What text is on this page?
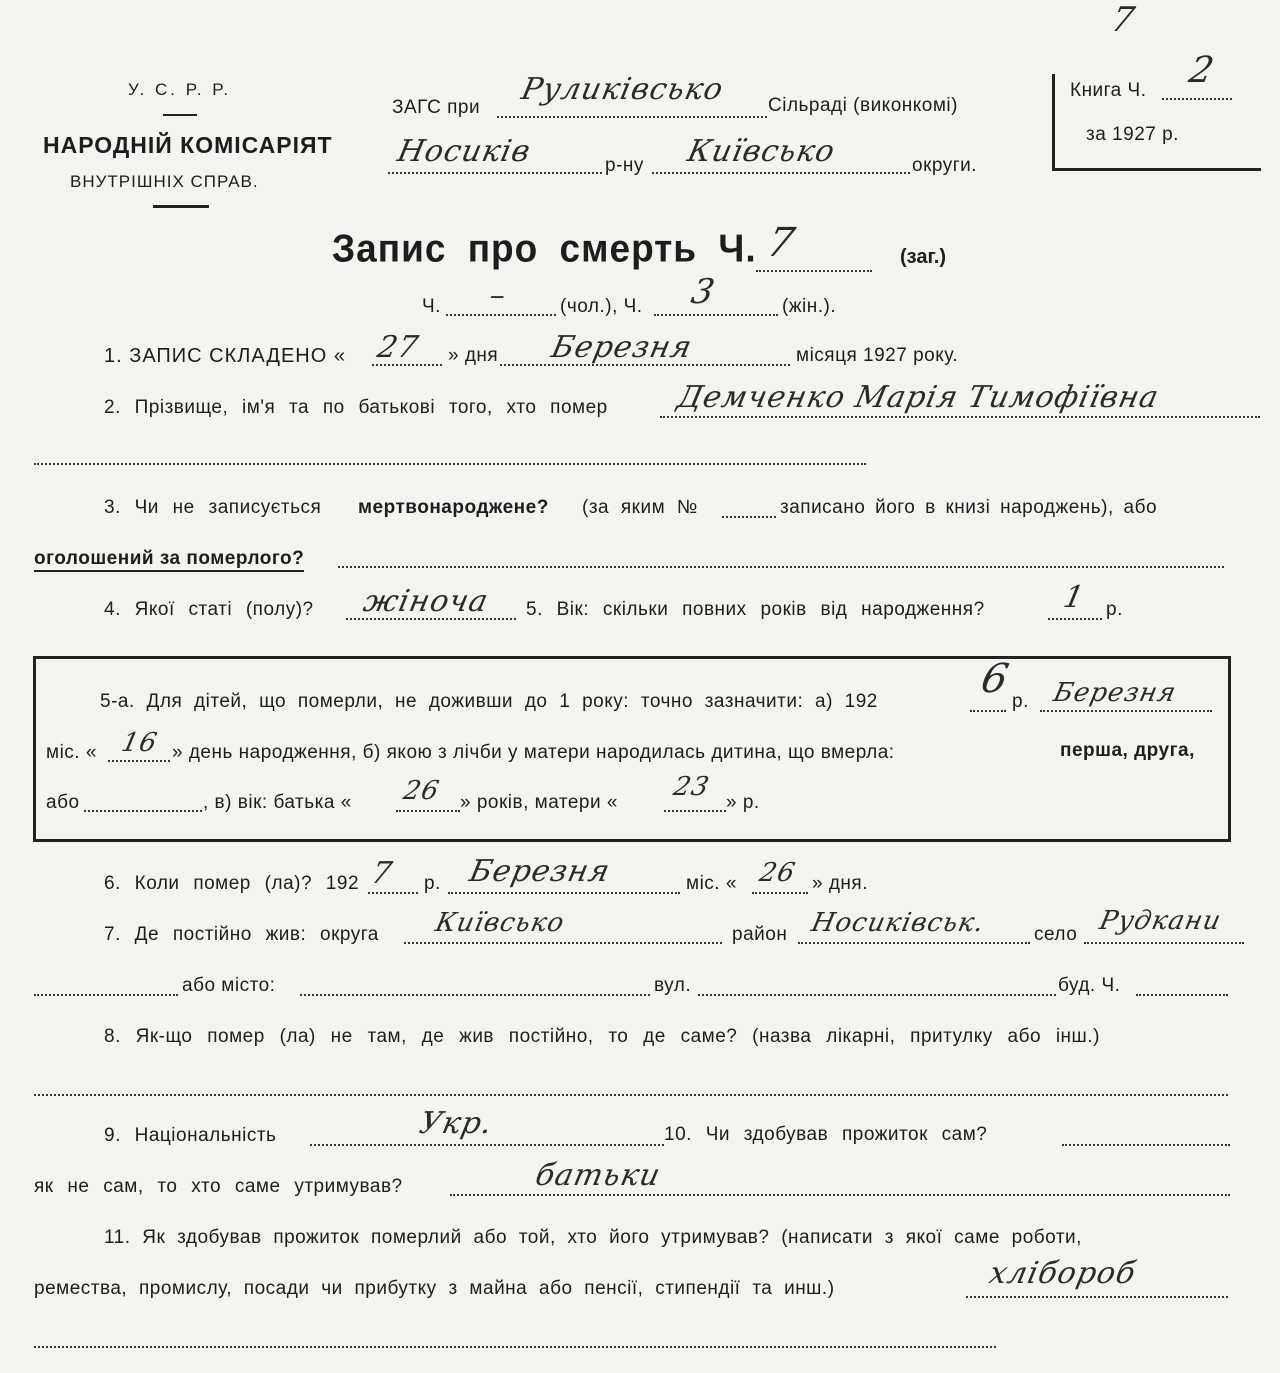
7
У. С. Р. Р.
НАРОДНІЙ КОМІСАРІЯТ
ВНУТРІШНІХ СПРАВ.
ЗАГС при
Руликівсько Сільраді (виконкомі)
Носиків	р-ну Київсько	округи.
Книга Ч. 2
за 1927 р.
Запис про смерть Ч. 7	(заг.)
Ч. –	(чол.), Ч. 3	(жін.).
1. ЗАПИС СКЛАДЕНО « 27 » дня Березня	місяця 1927 року.
2. Прізвище, ім'я та по батькові того, хто помер Демченко Марія Тимофіївна
3. Чи не записується мертвонароджене? (за яким №	записано його в книзі народжень), або
оголошений за померлого?
4. Якої статі (полу)? жіноча 5. Вік: скільки повних років від народження?	1 р.
5-а. Для дітей, що померли, не доживши до 1 року: точно зазначити: а) 192 6
р. Березня
міс. « 16 » день народження, б) якою з лічби у матери народилась дитина, що вмерла:	перша, друга,
або	, в) вік: батька « 26 » років, матери «
23
» р.
6. Коли помер (ла)? 192 7 р. Березня	міс. « 26 » дня.
7. Де постійно жив: округа Київсько	район Носиківськ. село Рудкани
або місто:	вул.	буд. Ч.
8. Як-що помер (ла) не там, де жив постійно, то де саме? (назва лікарні, притулку або інш.)
9. Національність	Укр.	10. Чи здобував прожиток сам?
як не сам, то хто саме утримував?	батьки
11. Як здобував прожиток померлий або той, хто його утримував? (написати з якої саме роботи,
ремества, промислу, посади чи прибутку з майна або пенсії, стипендії та инш.)	хлібороб
